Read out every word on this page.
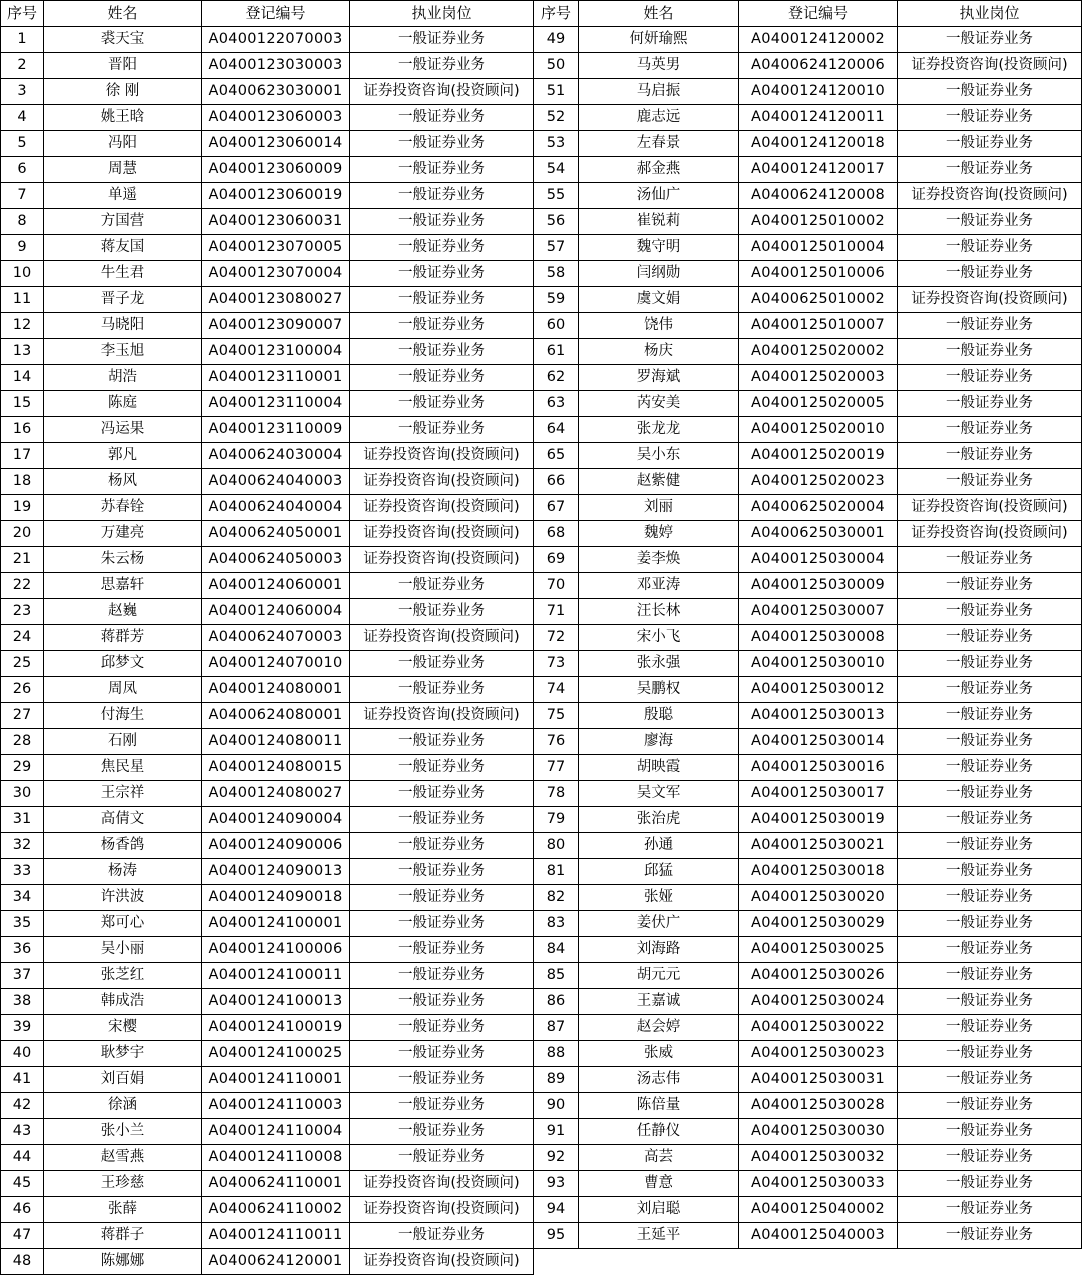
序号	姓名	登记编号	执业岗位
1	裘天宝	A0400122070003	一般证券业务
2	晋阳	A0400123030003	一般证券业务
3	徐 刚	A0400623030001	证券投资咨询(投资顾问)
4	姚王晗	A0400123060003	一般证券业务
5	冯阳	A0400123060014	一般证券业务
6	周慧	A0400123060009	一般证券业务
7	单遥	A0400123060019	一般证券业务
8	方国营	A0400123060031	一般证券业务
9	蒋友国	A0400123070005	一般证券业务
10	牛生君	A0400123070004	一般证券业务
11	晋子龙	A0400123080027	一般证券业务
12	马晓阳	A0400123090007	一般证券业务
13	李玉旭	A0400123100004	一般证券业务
14	胡浩	A0400123110001	一般证券业务
15	陈庭	A0400123110004	一般证券业务
16	冯运果	A0400123110009	一般证券业务
17	郭凡	A0400624030004	证券投资咨询(投资顾问)
18	杨风	A0400624040003	证券投资咨询(投资顾问)
19	苏春铨	A0400624040004	证券投资咨询(投资顾问)
20	万建亮	A0400624050001	证券投资咨询(投资顾问)
21	朱云杨	A0400624050003	证券投资咨询(投资顾问)
22	思嘉轩	A0400124060001	一般证券业务
23	赵巍	A0400124060004	一般证券业务
24	蒋群芳	A0400624070003	证券投资咨询(投资顾问)
25	邱梦文	A0400124070010	一般证券业务
26	周凤	A0400124080001	一般证券业务
27	付海生	A0400624080001	证券投资咨询(投资顾问)
28	石刚	A0400124080011	一般证券业务
29	焦民星	A0400124080015	一般证券业务
30	王宗祥	A0400124080027	一般证券业务
31	高倩文	A0400124090004	一般证券业务
32	杨香鸽	A0400124090006	一般证券业务
33	杨涛	A0400124090013	一般证券业务
34	许洪波	A0400124090018	一般证券业务
35	郑可心	A0400124100001	一般证券业务
36	吴小丽	A0400124100006	一般证券业务
37	张芝红	A0400124100011	一般证券业务
38	韩成浩	A0400124100013	一般证券业务
39	宋樱	A0400124100019	一般证券业务
40	耿梦宇	A0400124100025	一般证券业务
41	刘百娟	A0400124110001	一般证券业务
42	徐涵	A0400124110003	一般证券业务
43	张小兰	A0400124110004	一般证券业务
44	赵雪燕	A0400124110008	一般证券业务
45	王珍慈	A0400624110001	证券投资咨询(投资顾问)
46	张薛	A0400624110002	证券投资咨询(投资顾问)
47	蒋群子	A0400124110011	一般证券业务
48	陈娜娜	A0400624120001	证券投资咨询(投资顾问)
序号	姓名	登记编号	执业岗位
49	何妍瑜熙	A0400124120002	一般证券业务
50	马英男	A0400624120006	证券投资咨询(投资顾问)
51	马启振	A0400124120010	一般证券业务
52	鹿志远	A0400124120011	一般证券业务
53	左春景	A0400124120018	一般证券业务
54	郝金燕	A0400124120017	一般证券业务
55	汤仙广	A0400624120008	证券投资咨询(投资顾问)
56	崔锐莉	A0400125010002	一般证券业务
57	魏守明	A0400125010004	一般证券业务
58	闫纲勋	A0400125010006	一般证券业务
59	虞文娟	A0400625010002	证券投资咨询(投资顾问)
60	饶伟	A0400125010007	一般证券业务
61	杨庆	A0400125020002	一般证券业务
62	罗海斌	A0400125020003	一般证券业务
63	芮安美	A0400125020005	一般证券业务
64	张龙龙	A0400125020010	一般证券业务
65	吴小东	A0400125020019	一般证券业务
66	赵紫健	A0400125020023	一般证券业务
67	刘丽	A0400625020004	证券投资咨询(投资顾问)
68	魏婷	A0400625030001	证券投资咨询(投资顾问)
69	姜李焕	A0400125030004	一般证券业务
70	邓亚涛	A0400125030009	一般证券业务
71	汪长林	A0400125030007	一般证券业务
72	宋小飞	A0400125030008	一般证券业务
73	张永强	A0400125030010	一般证券业务
74	吴鹏权	A0400125030012	一般证券业务
75	殷聪	A0400125030013	一般证券业务
76	廖海	A0400125030014	一般证券业务
77	胡映霞	A0400125030016	一般证券业务
78	吴文军	A0400125030017	一般证券业务
79	张治虎	A0400125030019	一般证券业务
80	孙通	A0400125030021	一般证券业务
81	邱猛	A0400125030018	一般证券业务
82	张娅	A0400125030020	一般证券业务
83	姜伏广	A0400125030029	一般证券业务
84	刘海路	A0400125030025	一般证券业务
85	胡元元	A0400125030026	一般证券业务
86	王嘉诚	A0400125030024	一般证券业务
87	赵会婷	A0400125030022	一般证券业务
88	张威	A0400125030023	一般证券业务
89	汤志伟	A0400125030031	一般证券业务
90	陈倍量	A0400125030028	一般证券业务
91	任静仪	A0400125030030	一般证券业务
92	高芸	A0400125030032	一般证券业务
93	曹意	A0400125030033	一般证券业务
94	刘启聪	A0400125040002	一般证券业务
95	王延平	A0400125040003	一般证券业务
